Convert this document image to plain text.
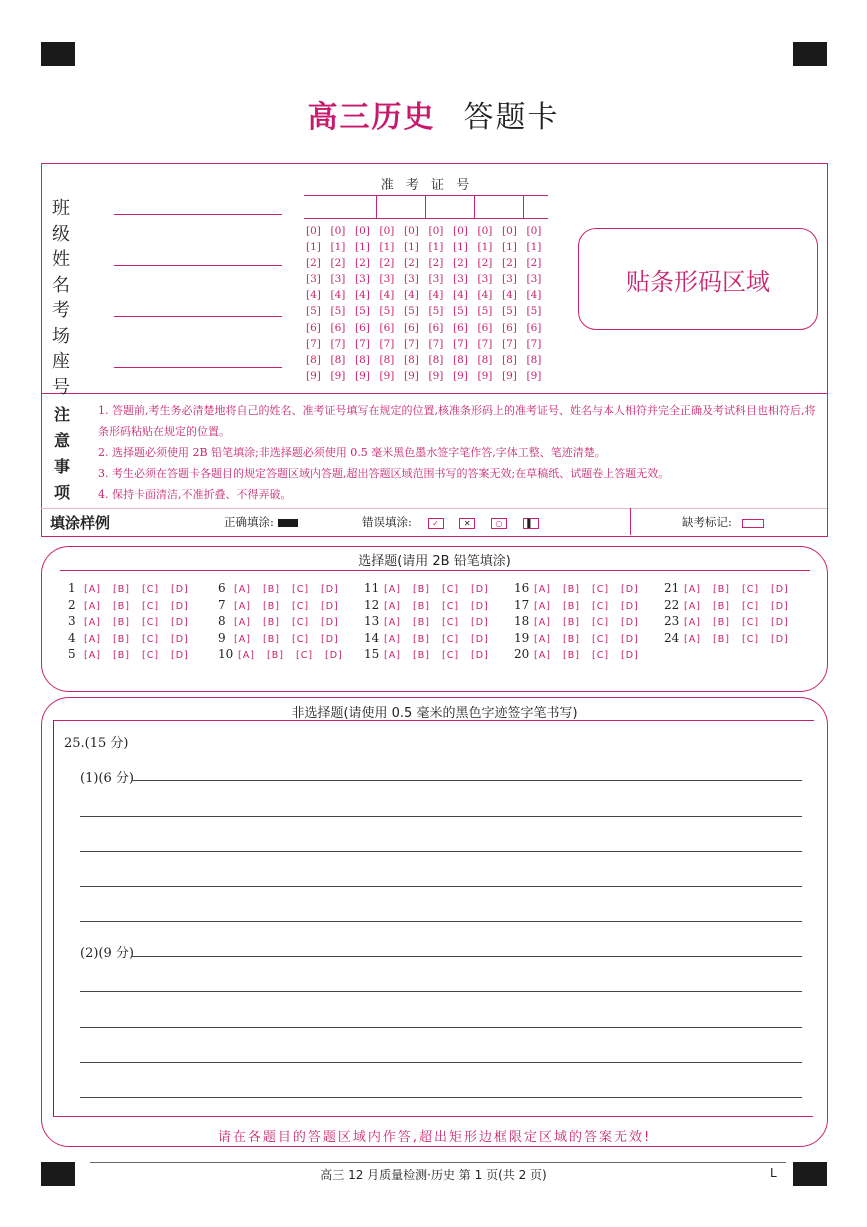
高三历史 答题卡
班级
姓名
考场
座号
准 考 证 号
[0] [0] [0] [0] [0] [0] [0] [0] [0] [0]
[1] [1] [1] [1] [1] [1] [1] [1] [1] [1]
[2] [2] [2] [2] [2] [2] [2] [2] [2] [2]
[3] [3] [3] [3] [3] [3] [3] [3] [3] [3]
[4] [4] [4] [4] [4] [4] [4] [4] [4] [4]
[5] [5] [5] [5] [5] [5] [5] [5] [5] [5]
[6] [6] [6] [6] [6] [6] [6] [6] [6] [6]
[7] [7] [7] [7] [7] [7] [7] [7] [7] [7]
[8] [8] [8] [8] [8] [8] [8] [8] [8] [8]
[9] [9] [9] [9] [9] [9] [9] [9] [9] [9]
贴条形码区域
注
意
事
项
1. 答题前,考生务必清楚地将自己的姓名、准考证号填写在规定的位置,核准条形码上的准考证号、姓名与本人相符并完全正确及考试科目也相符后,将条形码粘贴在规定的位置。
2. 选择题必须使用 2B 铅笔填涂;非选择题必须使用 0.5 毫米黑色墨水签字笔作答,字体工整、笔迹清楚。
3. 考生必须在答题卡各题目的规定答题区域内答题,超出答题区域范围书写的答案无效;在草稿纸、试题卷上答题无效。
4. 保持卡面清洁,不准折叠、不得弄破。
填涂样例	正确填涂:	错误填涂:	✓	✕	○	▌	缺考标记:
选择题(请用 2B 铅笔填涂)
1 [A] [B] [C] [D]
2 [A] [B] [C] [D]
3 [A] [B] [C] [D]
4 [A] [B] [C] [D]
5 [A] [B] [C] [D]
6 [A] [B] [C] [D]
7 [A] [B] [C] [D]
8 [A] [B] [C] [D]
9 [A] [B] [C] [D]
10 [A] [B] [C] [D]
11 [A] [B] [C] [D]
12 [A] [B] [C] [D]
13 [A] [B] [C] [D]
14 [A] [B] [C] [D]
15 [A] [B] [C] [D]
16 [A] [B] [C] [D]
17 [A] [B] [C] [D]
18 [A] [B] [C] [D]
19 [A] [B] [C] [D]
20 [A] [B] [C] [D]
21 [A] [B] [C] [D]
22 [A] [B] [C] [D]
23 [A] [B] [C] [D]
24 [A] [B] [C] [D]
非选择题(请使用 0.5 毫米的黑色字迹签字笔书写)
25.(15 分)
(1)(6 分)
(2)(9 分)
请在各题目的答题区域内作答,超出矩形边框限定区域的答案无效!
高三 12 月质量检测·历史 第 1 页(共 2 页)	L
